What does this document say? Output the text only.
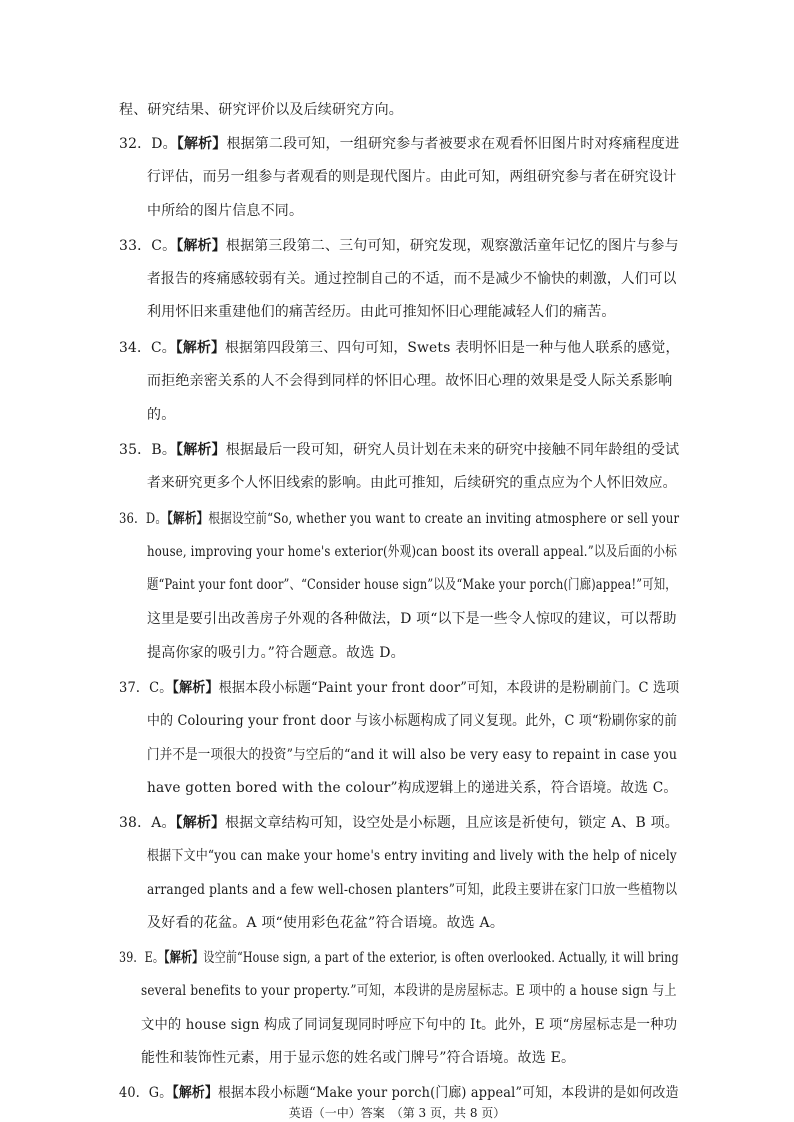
程、研究结果、研究评价以及后续研究方向。
32．D。【解析】根据第二段可知，一组研究参与者被要求在观看怀旧图片时对疼痛程度进
行评估，而另一组参与者观看的则是现代图片。由此可知，两组研究参与者在研究设计
中所给的图片信息不同。
33．C。【解析】根据第三段第二、三句可知，研究发现，观察激活童年记忆的图片与参与
者报告的疼痛感较弱有关。通过控制自己的不适，而不是减少不愉快的刺激，人们可以
利用怀旧来重建他们的痛苦经历。由此可推知怀旧心理能减轻人们的痛苦。
34．C。【解析】根据第四段第三、四句可知，Swets 表明怀旧是一种与他人联系的感觉，
而拒绝亲密关系的人不会得到同样的怀旧心理。故怀旧心理的效果是受人际关系影响
的。
35．B。【解析】根据最后一段可知，研究人员计划在未来的研究中接触不同年龄组的受试
者来研究更多个人怀旧线索的影响。由此可推知，后续研究的重点应为个人怀旧效应。
36．D。【解析】根据设空前“So, whether you want to create an inviting atmosphere or sell your
house, improving your home's exterior(外观)can boost its overall appeal.”以及后面的小标
题“Paint your font door”、“Consider house sign”以及“Make your porch(门廊)appea!”可知，
这里是要引出改善房子外观的各种做法，D 项“以下是一些令人惊叹的建议，可以帮助
提高你家的吸引力。”符合题意。故选 D。
37．C。【解析】根据本段小标题“Paint your front door”可知，本段讲的是粉刷前门。C 选项
中的 Colouring your front door 与该小标题构成了同义复现。此外，C 项“粉刷你家的前
门并不是一项很大的投资”与空后的“and it will also be very easy to repaint in case you
have gotten bored with the colour”构成逻辑上的递进关系，符合语境。故选 C。
38．A。【解析】根据文章结构可知，设空处是小标题，且应该是祈使句，锁定 A、B 项。
根据下文中“you can make your home's entry inviting and lively with the help of nicely
arranged plants and a few well-chosen planters”可知，此段主要讲在家门口放一些植物以
及好看的花盆。A 项“使用彩色花盆”符合语境。故选 A。
39．E。【解析】设空前“House sign, a part of the exterior, is often overlooked. Actually, it will bring
several benefits to your property.”可知，本段讲的是房屋标志。E 项中的 a house sign 与上
文中的 house sign 构成了同词复现同时呼应下句中的 It。此外，E 项“房屋标志是一种功
能性和装饰性元素，用于显示您的姓名或门牌号”符合语境。故选 E。
40．G。【解析】根据本段小标题“Make your porch(门廊) appeal”可知，本段讲的是如何改造
英语（一中）答案　（第 3 页，共 8 页）
